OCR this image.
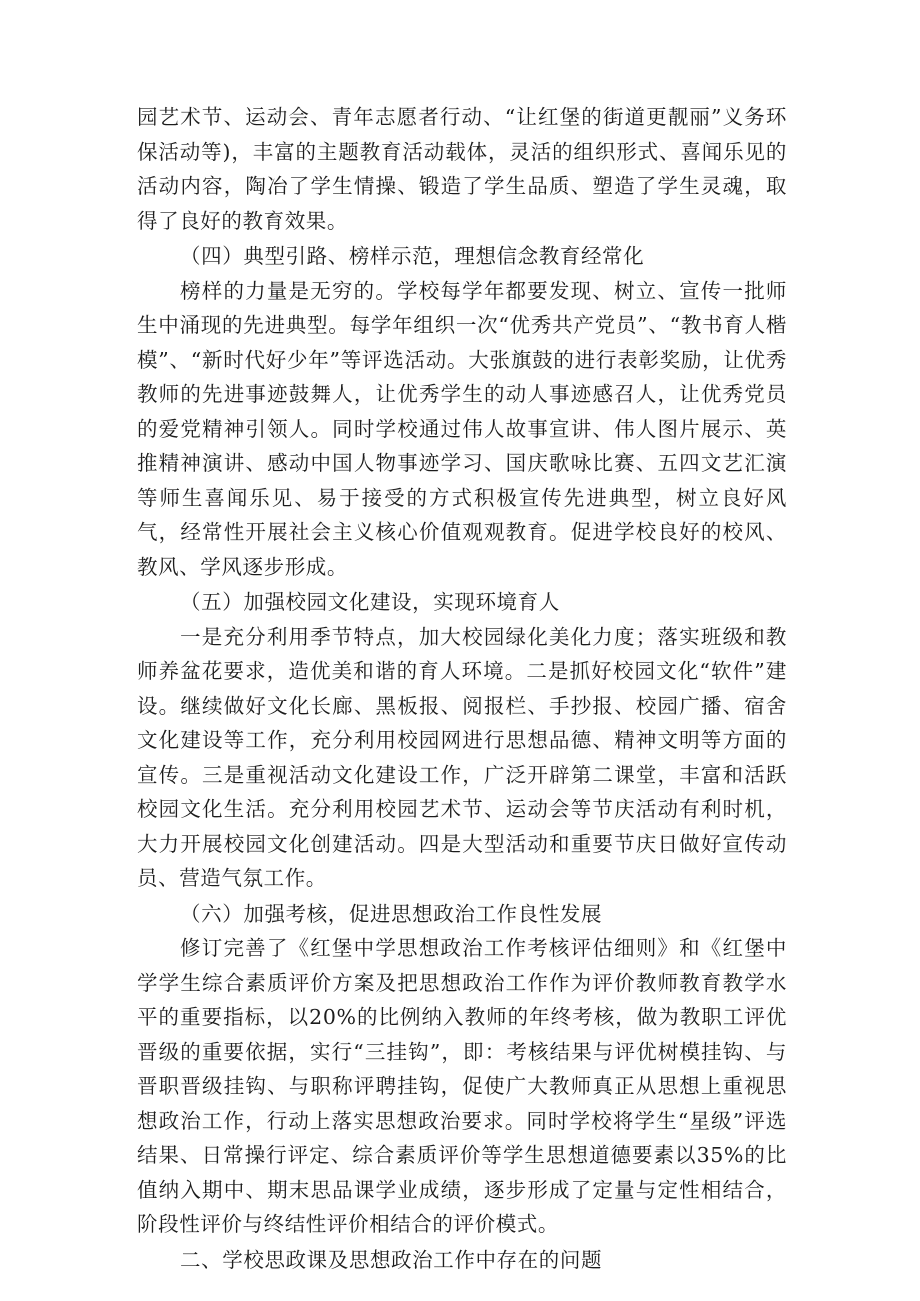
园艺术节、运动会、青年志愿者行动、“让红堡的街道更靓丽”义务环保活动等)，丰富的主题教育活动载体，灵活的组织形式、喜闻乐见的活动内容，陶冶了学生情操、锻造了学生品质、塑造了学生灵魂，取得了良好的教育效果。

（四）典型引路、榜样示范，理想信念教育经常化

榜样的力量是无穷的。学校每学年都要发现、树立、宣传一批师生中涌现的先进典型。每学年组织一次“优秀共产党员”、“教书育人楷模”、“新时代好少年”等评选活动。大张旗鼓的进行表彰奖励，让优秀教师的先进事迹鼓舞人，让优秀学生的动人事迹感召人，让优秀党员的爱党精神引领人。同时学校通过伟人故事宣讲、伟人图片展示、英推精神演讲、感动中国人物事迹学习、国庆歌咏比赛、五四文艺汇演等师生喜闻乐见、易于接受的方式积极宣传先进典型，树立良好风气，经常性开展社会主义核心价值观观教育。促进学校良好的校风、教风、学风逐步形成。

（五）加强校园文化建设，实现环境育人

一是充分利用季节特点，加大校园绿化美化力度；落实班级和教师养盆花要求，造优美和谐的育人环境。二是抓好校园文化“软件”建设。继续做好文化长廊、黑板报、阅报栏、手抄报、校园广播、宿舍文化建设等工作，充分利用校园网进行思想品德、精神文明等方面的宣传。三是重视活动文化建设工作，广泛开辟第二课堂，丰富和活跃校园文化生活。充分利用校园艺术节、运动会等节庆活动有利时机，大力开展校园文化创建活动。四是大型活动和重要节庆日做好宣传动员、营造气氛工作。

（六）加强考核，促进思想政治工作良性发展

修订完善了《红堡中学思想政治工作考核评估细则》和《红堡中学学生综合素质评价方案及把思想政治工作作为评价教师教育教学水平的重要指标，以20%的比例纳入教师的年终考核，做为教职工评优晋级的重要依据，实行“三挂钩”，即：考核结果与评优树模挂钩、与晋职晋级挂钩、与职称评聘挂钩，促使广大教师真正从思想上重视思想政治工作，行动上落实思想政治要求。同时学校将学生“星级”评选结果、日常操行评定、综合素质评价等学生思想道德要素以35%的比值纳入期中、期末思品课学业成绩，逐步形成了定量与定性相结合，阶段性评价与终结性评价相结合的评价模式。

二、学校思政课及思想政治工作中存在的问题
